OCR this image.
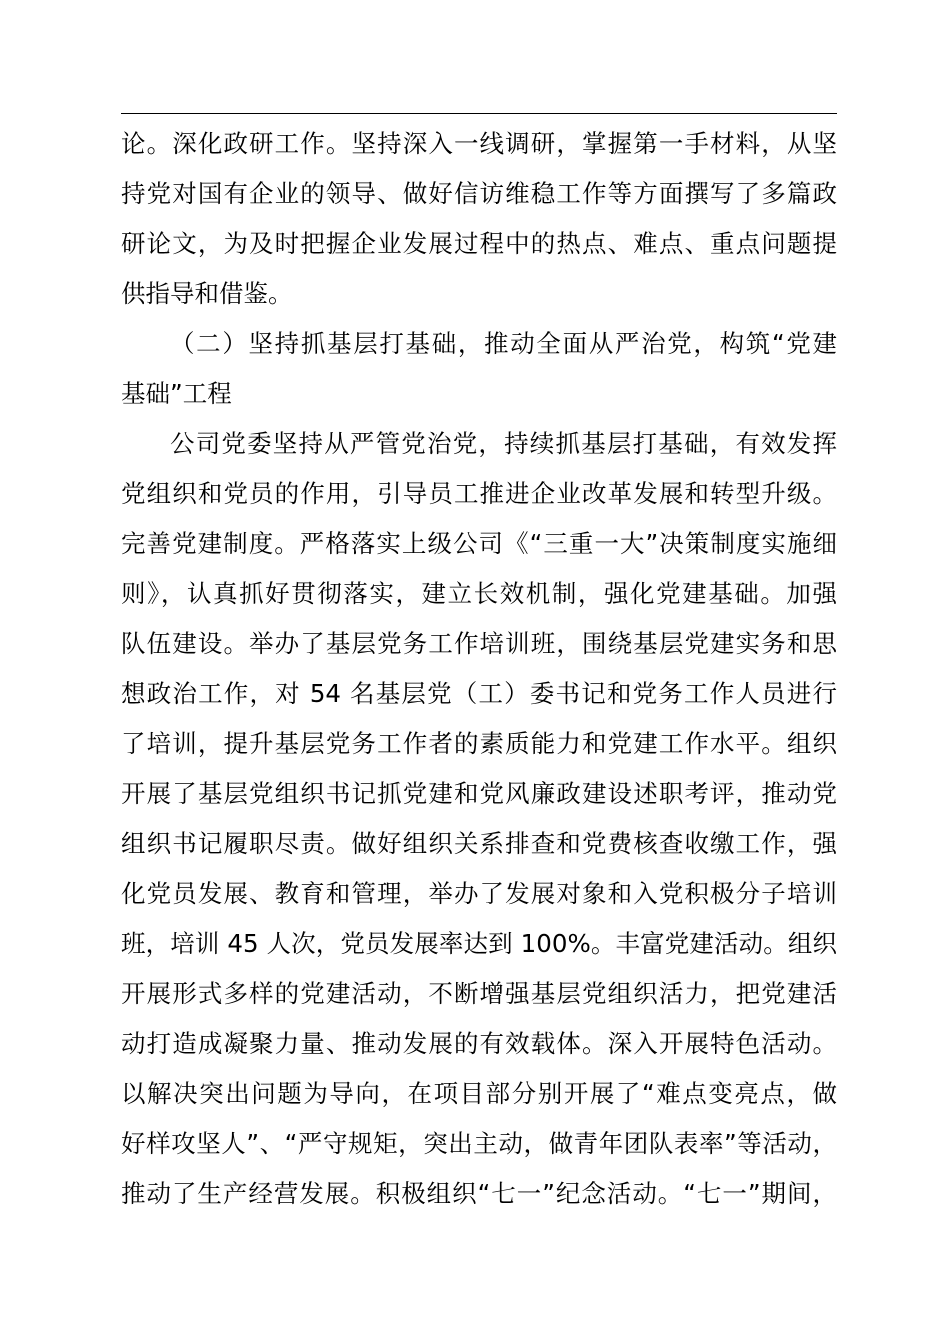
论。深化政研工作。坚持深入一线调研，掌握第一手材料，从坚
持党对国有企业的领导、做好信访维稳工作等方面撰写了多篇政
研论文，为及时把握企业发展过程中的热点、难点、重点问题提
供指导和借鉴。
（二）坚持抓基层打基础，推动全面从严治党，构筑“党建
基础”工程
公司党委坚持从严管党治党，持续抓基层打基础，有效发挥
党组织和党员的作用，引导员工推进企业改革发展和转型升级。
完善党建制度。严格落实上级公司《“三重一大”决策制度实施细
则》，认真抓好贯彻落实，建立长效机制，强化党建基础。加强
队伍建设。举办了基层党务工作培训班，围绕基层党建实务和思
想政治工作，对 54 名基层党（工）委书记和党务工作人员进行
了培训，提升基层党务工作者的素质能力和党建工作水平。组织
开展了基层党组织书记抓党建和党风廉政建设述职考评，推动党
组织书记履职尽责。做好组织关系排查和党费核查收缴工作，强
化党员发展、教育和管理，举办了发展对象和入党积极分子培训
班，培训 45 人次，党员发展率达到 100%。丰富党建活动。组织
开展形式多样的党建活动，不断增强基层党组织活力，把党建活
动打造成凝聚力量、推动发展的有效载体。深入开展特色活动。
以解决突出问题为导向，在项目部分别开展了“难点变亮点，做
好样攻坚人”、“严守规矩，突出主动，做青年团队表率”等活动，
推动了生产经营发展。积极组织“七一”纪念活动。“七一”期间，
